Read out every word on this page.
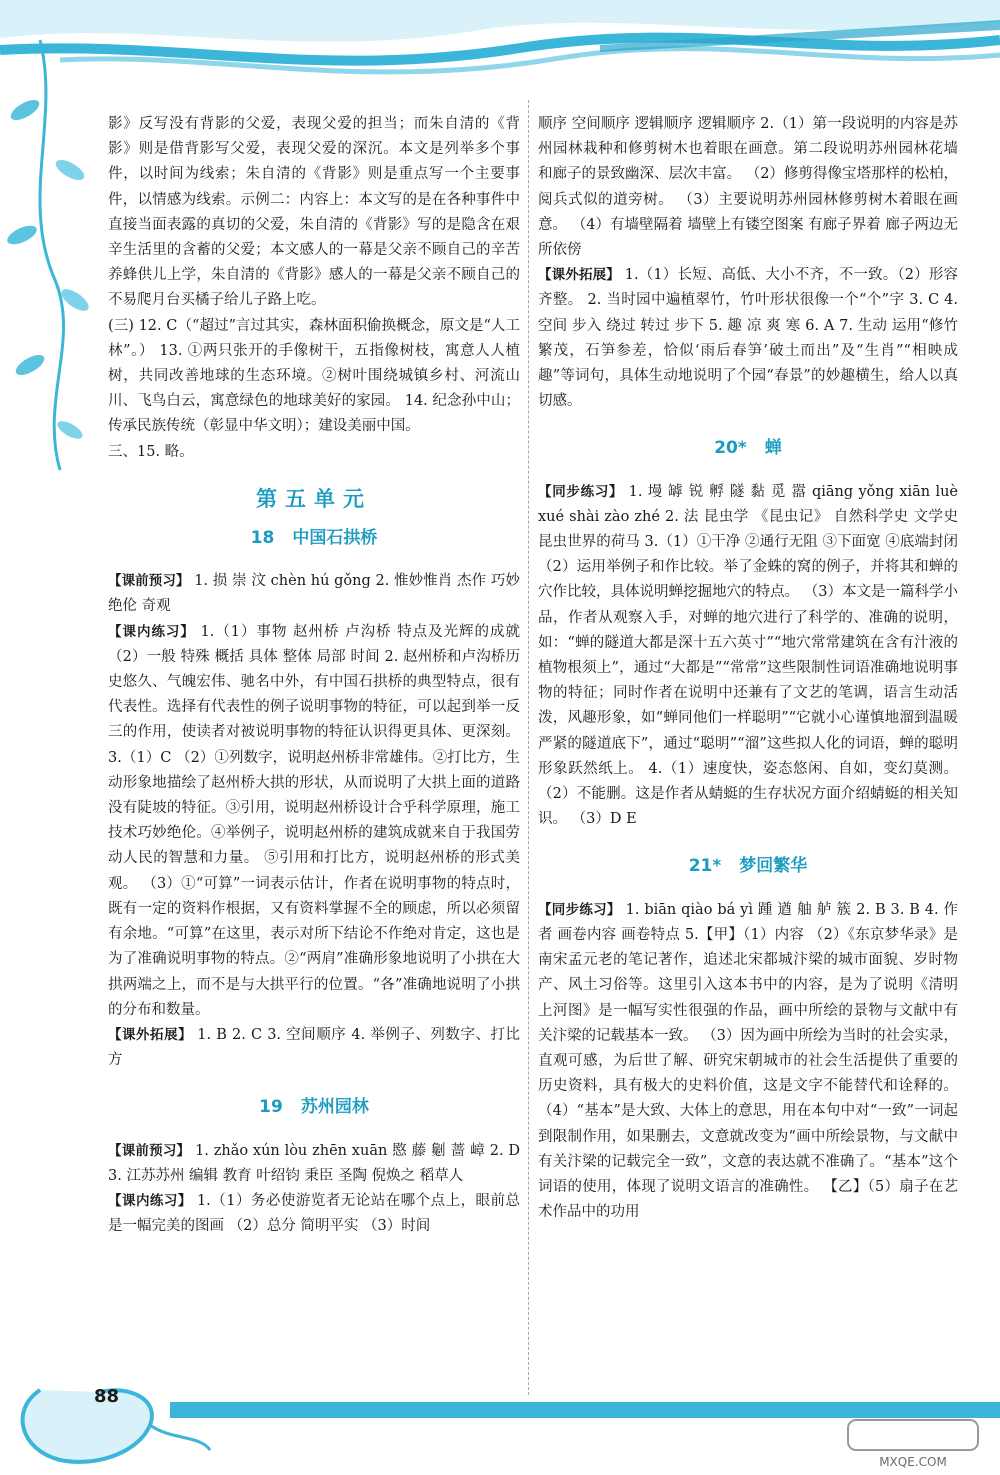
影》反写没有背影的父爱，表现父爱的担当；而朱自清的《背影》则是借背影写父爱，表现父爱的深沉。本文是列举多个事件，以时间为线索；朱自清的《背影》则是重点写一个主要事件，以情感为线索。示例二：内容上：本文写的是在各种事件中直接当面表露的真切的父爱，朱自清的《背影》写的是隐含在艰辛生活里的含蓄的父爱；本文感人的一幕是父亲不顾自己的辛苦养蜂供儿上学，朱自清的《背影》感人的一幕是父亲不顾自己的不易爬月台买橘子给儿子路上吃。

(三) 12. C（“超过”言过其实，森林面积偷换概念，原文是“人工林”。） 13. ①两只张开的手像树干，五指像树枝，寓意人人植树，共同改善地球的生态环境。②树叶围绕城镇乡村、河流山川、飞鸟白云，寓意绿色的地球美好的家园。 14. 纪念孙中山；传承民族传统（彰显中华文明）；建设美丽中国。

三、15. 略。

第五单元
18 中国石拱桥

【课前预习】 1. 损 崇 汶 chèn hú gǒng 2. 惟妙惟肖 杰作 巧妙绝伦 奇观

【课内练习】 1.（1）事物 赵州桥 卢沟桥 特点及光辉的成就 （2）一般 特殊 概括 具体 整体 局部 时间 2. 赵州桥和卢沟桥历史悠久、气魄宏伟、驰名中外，有中国石拱桥的典型特点，很有代表性。选择有代表性的例子说明事物的特征，可以起到举一反三的作用，使读者对被说明事物的特征认识得更具体、更深刻。 3.（1）C （2）①列数字，说明赵州桥非常雄伟。②打比方，生动形象地描绘了赵州桥大拱的形状，从而说明了大拱上面的道路没有陡坡的特征。③引用，说明赵州桥设计合乎科学原理，施工技术巧妙绝伦。④举例子，说明赵州桥的建筑成就来自于我国劳动人民的智慧和力量。 ⑤引用和打比方，说明赵州桥的形式美观。 （3）①“可算”一词表示估计，作者在说明事物的特点时，既有一定的资料作根据，又有资料掌握不全的顾虑，所以必须留有余地。“可算”在这里，表示对所下结论不作绝对肯定，这也是为了准确说明事物的特点。②“两肩”准确形象地说明了小拱在大拱两端之上，而不是与大拱平行的位置。“各”准确地说明了小拱的分布和数量。

【课外拓展】 1. B 2. C 3. 空间顺序 4. 举例子、列数字、打比方

19 苏州园林

【课前预习】 1. zhǎo xún lòu zhēn xuān 愍 藤 劖 蔷 嶂 2. D 3. 江苏苏州 编辑 教育 叶绍钧 秉臣 圣陶 倪焕之 稻草人

【课内练习】 1.（1）务必使游览者无论站在哪个点上，眼前总是一幅完美的图画 （2）总分 简明平实 （3）时间

顺序 空间顺序 逻辑顺序 逻辑顺序 2.（1）第一段说明的内容是苏州园林栽种和修剪树木也着眼在画意。第二段说明苏州园林花墙和廊子的景致幽深、层次丰富。 （2）修剪得像宝塔那样的松柏，阅兵式似的道旁树。 （3）主要说明苏州园林修剪树木着眼在画意。 （4）有墙壁隔着 墙壁上有镂空图案 有廊子界着 廊子两边无所依傍

【课外拓展】 1.（1）长短、高低、大小不齐，不一致。（2）形容齐整。 2. 当时园中遍植翠竹，竹叶形状很像一个“个”字 3. C 4. 空间 步入 绕过 转过 步下 5. 趣 凉 爽 寒 6. A 7. 生动 运用“修竹繁茂，石笋参差，恰似‘雨后春笋’破土而出”及“生肖”“相映成趣”等词句，具体生动地说明了个园“春景”的妙趣横生，给人以真切感。

20* 蝉

【同步练习】 1. 墁 罅 锐 孵 隧 黏 觅 嚣 qiāng yǒng xiān luè xué shài zào zhé 2. 法 昆虫学 《昆虫记》 自然科学史 文学史 昆虫世界的荷马 3.（1）①干净 ②通行无阻 ③下面宽 ④底端封闭 （2）运用举例子和作比较。举了金蛛的窝的例子，并将其和蝉的穴作比较，具体说明蝉挖掘地穴的特点。 （3）本文是一篇科学小品，作者从观察入手，对蝉的地穴进行了科学的、准确的说明，如：“蝉的隧道大都是深十五六英寸”“地穴常常建筑在含有汁液的植物根须上”，通过“大都是”“常常”这些限制性词语准确地说明事物的特征；同时作者在说明中还兼有了文艺的笔调，语言生动活泼，风趣形象，如“蝉同他们一样聪明”“它就小心谨慎地溜到温暖严紧的隧道底下”，通过“聪明”“溜”这些拟人化的词语，蝉的聪明形象跃然纸上。 4.（1）速度快，姿态悠闲、自如，变幻莫测。 （2）不能删。这是作者从蜻蜓的生存状况方面介绍蜻蜓的相关知识。 （3）D E

21* 梦回繁华

【同步练习】 1. biān qiào bá yì 踵 遒 舳 舻 簇 2. B 3. B 4. 作者 画卷内容 画卷特点 5.【甲】（1）内容 （2）《东京梦华录》是南宋孟元老的笔记著作，追述北宋都城汴梁的城市面貌、岁时物产、风土习俗等。这里引入这本书中的内容，是为了说明《清明上河图》是一幅写实性很强的作品，画中所绘的景物与文献中有关汴梁的记载基本一致。 （3）因为画中所绘为当时的社会实录，直观可感，为后世了解、研究宋朝城市的社会生活提供了重要的历史资料，具有极大的史料价值，这是文字不能替代和诠释的。 （4）“基本”是大致、大体上的意思，用在本句中对“一致”一词起到限制作用，如果删去，文意就改变为“画中所绘景物，与文献中有关汴梁的记载完全一致”，文意的表达就不准确了。“基本”这个词语的使用，体现了说明文语言的准确性。 【乙】（5）扇子在艺术作品中的功用

88
MXQE.COM
